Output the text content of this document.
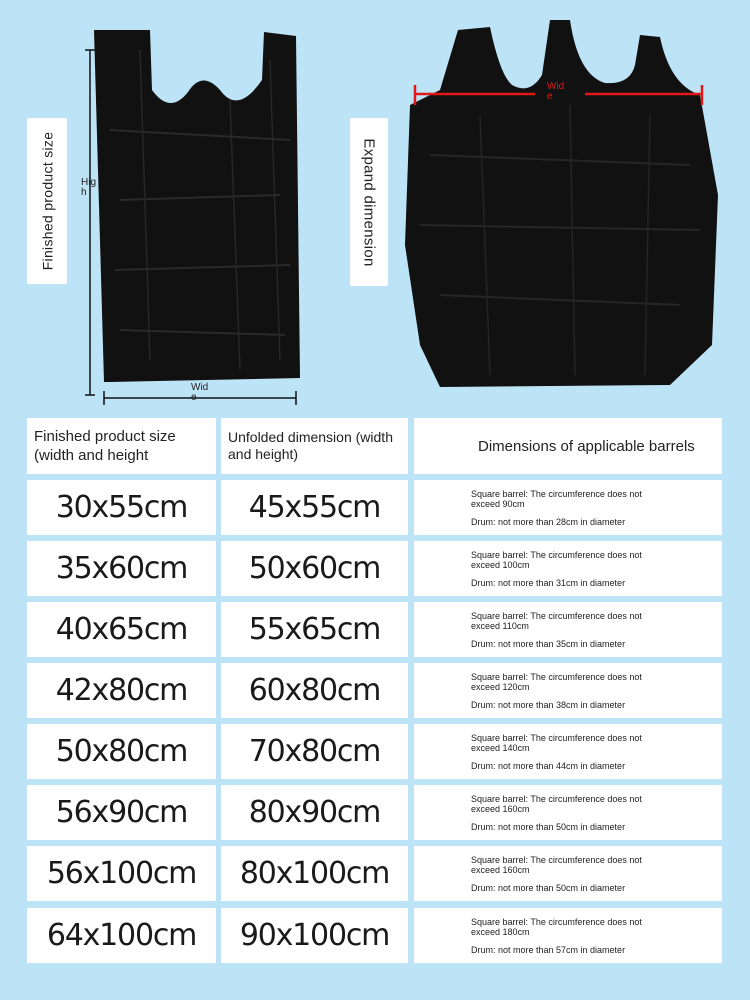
Finished product size	Hig h
Wid e
Expand dimension
Wid e
Finished product size (width and height
Unfolded dimension (width and height)	Dimensions of applicable barrels
30x55cm	45x55cm	Square barrel: The circumference does not exceed 90cm
Drum: not more than 28cm in diameter
35x60cm	50x60cm	Square barrel: The circumference does not exceed 100cm
Drum: not more than 31cm in diameter
40x65cm	55x65cm	Square barrel: The circumference does not exceed 110cm
Drum: not more than 35cm in diameter
42x80cm	60x80cm	Square barrel: The circumference does not exceed 120cm
Drum: not more than 38cm in diameter
50x80cm	70x80cm	Square barrel: The circumference does not exceed 140cm
Drum: not more than 44cm in diameter
56x90cm	80x90cm	Square barrel: The circumference does not exceed 160cm
Drum: not more than 50cm in diameter
56x100cm	80x100cm	Square barrel: The circumference does not exceed 160cm
Drum: not more than 50cm in diameter
64x100cm	90x100cm	Square barrel: The circumference does not exceed 180cm
Drum: not more than 57cm in diameter
